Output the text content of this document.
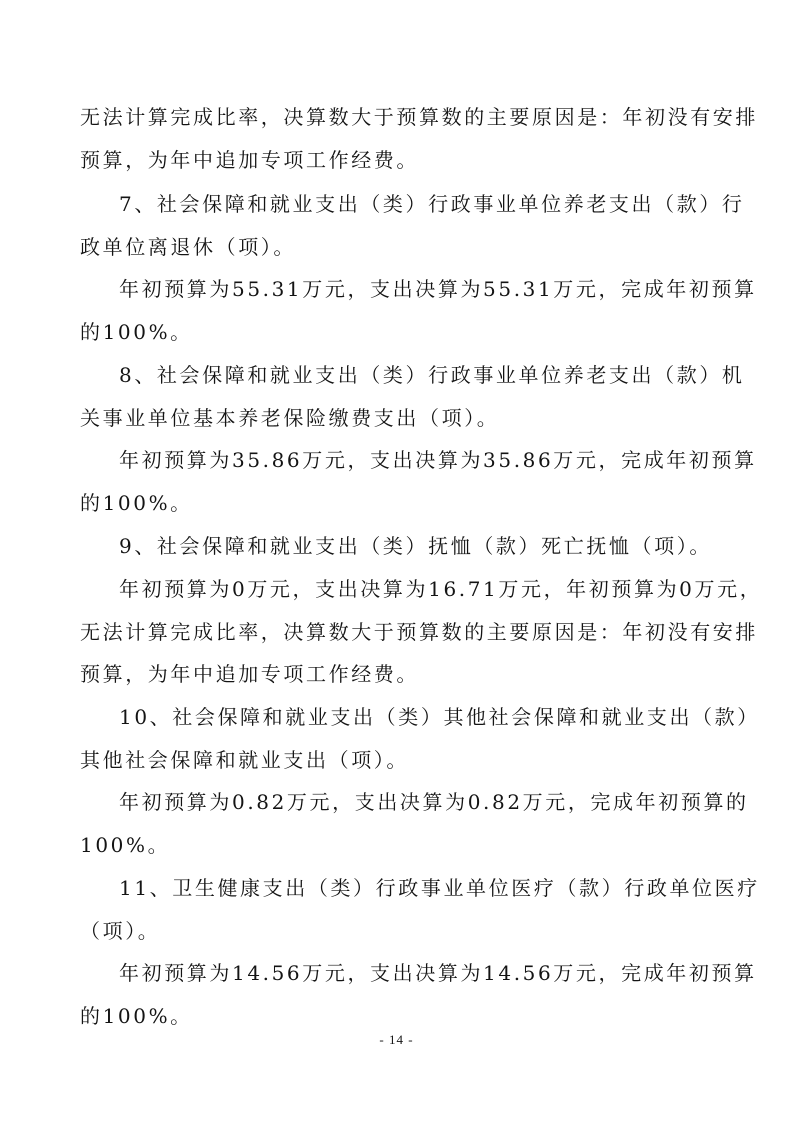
无法计算完成比率，决算数大于预算数的主要原因是：年初没有安排
预算，为年中追加专项工作经费。
7、社会保障和就业支出（类）行政事业单位养老支出（款）行
政单位离退休（项）。
年初预算为55.31万元，支出决算为55.31万元，完成年初预算
的100%。
8、社会保障和就业支出（类）行政事业单位养老支出（款）机
关事业单位基本养老保险缴费支出（项）。
年初预算为35.86万元，支出决算为35.86万元，完成年初预算
的100%。
9、社会保障和就业支出（类）抚恤（款）死亡抚恤（项）。
年初预算为0万元，支出决算为16.71万元，年初预算为0万元，
无法计算完成比率，决算数大于预算数的主要原因是：年初没有安排
预算，为年中追加专项工作经费。
10、社会保障和就业支出（类）其他社会保障和就业支出（款）
其他社会保障和就业支出（项）。
年初预算为0.82万元，支出决算为0.82万元，完成年初预算的
100%。
11、卫生健康支出（类）行政事业单位医疗（款）行政单位医疗
（项）。
年初预算为14.56万元，支出决算为14.56万元，完成年初预算
的100%。
- 14 -
